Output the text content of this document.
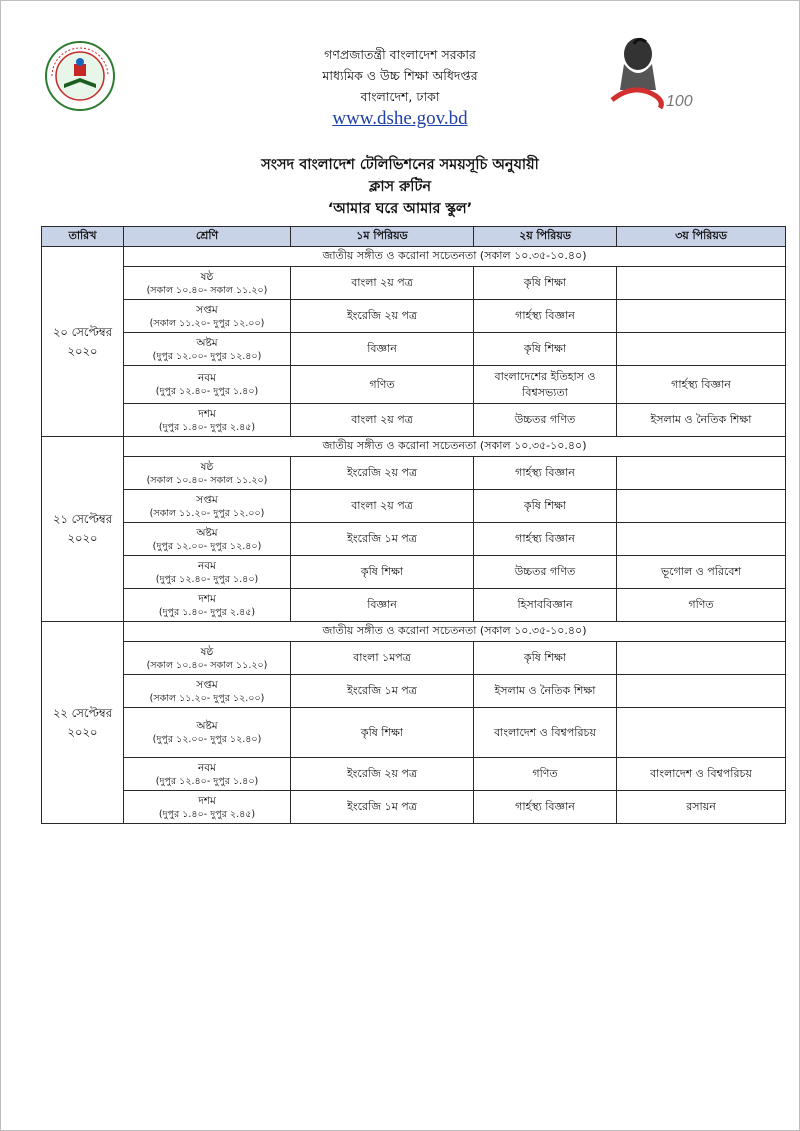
100
গণপ্রজাতন্ত্রী বাংলাদেশ সরকার
মাধ্যমিক ও উচ্চ শিক্ষা অধিদপ্তর
বাংলাদেশ, ঢাকা
www.dshe.gov.bd
সংসদ বাংলাদেশ টেলিভিশনের সময়সূচি অনুযায়ী
ক্লাস রুটিন
‘আমার ঘরে আমার স্কুল’
তারিখ	শ্রেণি	১ম পিরিয়ড	২য় পিরিয়ড	৩য় পিরিয়ড

২০ সেপ্টেম্বর
২০২০	জাতীয় সঙ্গীত ও করোনা সচেতনতা (সকাল ১০.৩৫-১০.৪০)			

	ষষ্ঠ
(সকাল ১০.৪০- সকাল ১১.২০)	বাংলা ২য় পত্র	কৃষি শিক্ষা	

	সপ্তম
(সকাল ১১.২০- দুপুর ১২.০০)	ইংরেজি ২য় পত্র	গার্হস্থ্য বিজ্ঞান	

	অষ্টম
(দুপুর ১২.০০- দুপুর ১২.৪০)	বিজ্ঞান	কৃষি শিক্ষা	

	নবম
(দুপুর ১২.৪০- দুপুর ১.৪০)	গণিত	বাংলাদেশের ইতিহাস ও বিশ্বসভ্যতা	গার্হস্থ্য বিজ্ঞান

	দশম
(দুপুর ১.৪০- দুপুর ২.৪৫)	বাংলা ২য় পত্র	উচ্চতর গণিত	ইসলাম ও নৈতিক শিক্ষা

২১ সেপ্টেম্বর
২০২০	জাতীয় সঙ্গীত ও করোনা সচেতনতা (সকাল ১০.৩৫-১০.৪০)			

	ষষ্ঠ
(সকাল ১০.৪০- সকাল ১১.২০)	ইংরেজি ২য় পত্র	গার্হস্থ্য বিজ্ঞান	

	সপ্তম
(সকাল ১১.২০- দুপুর ১২.০০)	বাংলা ২য় পত্র	কৃষি শিক্ষা	

	অষ্টম
(দুপুর ১২.০০- দুপুর ১২.৪০)	ইংরেজি ১ম পত্র	গার্হস্থ্য বিজ্ঞান	

	নবম
(দুপুর ১২.৪০- দুপুর ১.৪০)	কৃষি শিক্ষা	উচ্চতর গণিত	ভূগোল ও পরিবেশ

	দশম
(দুপুর ১.৪০- দুপুর ২.৪৫)	বিজ্ঞান	হিসাববিজ্ঞান	গণিত

২২ সেপ্টেম্বর
২০২০	জাতীয় সঙ্গীত ও করোনা সচেতনতা (সকাল ১০.৩৫-১০.৪০)			

	ষষ্ঠ
(সকাল ১০.৪০- সকাল ১১.২০)	বাংলা ১মপত্র	কৃষি শিক্ষা	

	সপ্তম
(সকাল ১১.২০- দুপুর ১২.০০)	ইংরেজি ১ম পত্র	ইসলাম ও নৈতিক শিক্ষা	

	অষ্টম
(দুপুর ১২.০০- দুপুর ১২.৪০)	কৃষি শিক্ষা	বাংলাদেশ ও বিশ্বপরিচয়	

	নবম
(দুপুর ১২.৪০- দুপুর ১.৪০)	ইংরেজি ২য় পত্র	গণিত	বাংলাদেশ ও বিশ্বপরিচয়

	দশম
(দুপুর ১.৪০- দুপুর ২.৪৫)	ইংরেজি ১ম পত্র	গার্হস্থ্য বিজ্ঞান	রসায়ন
